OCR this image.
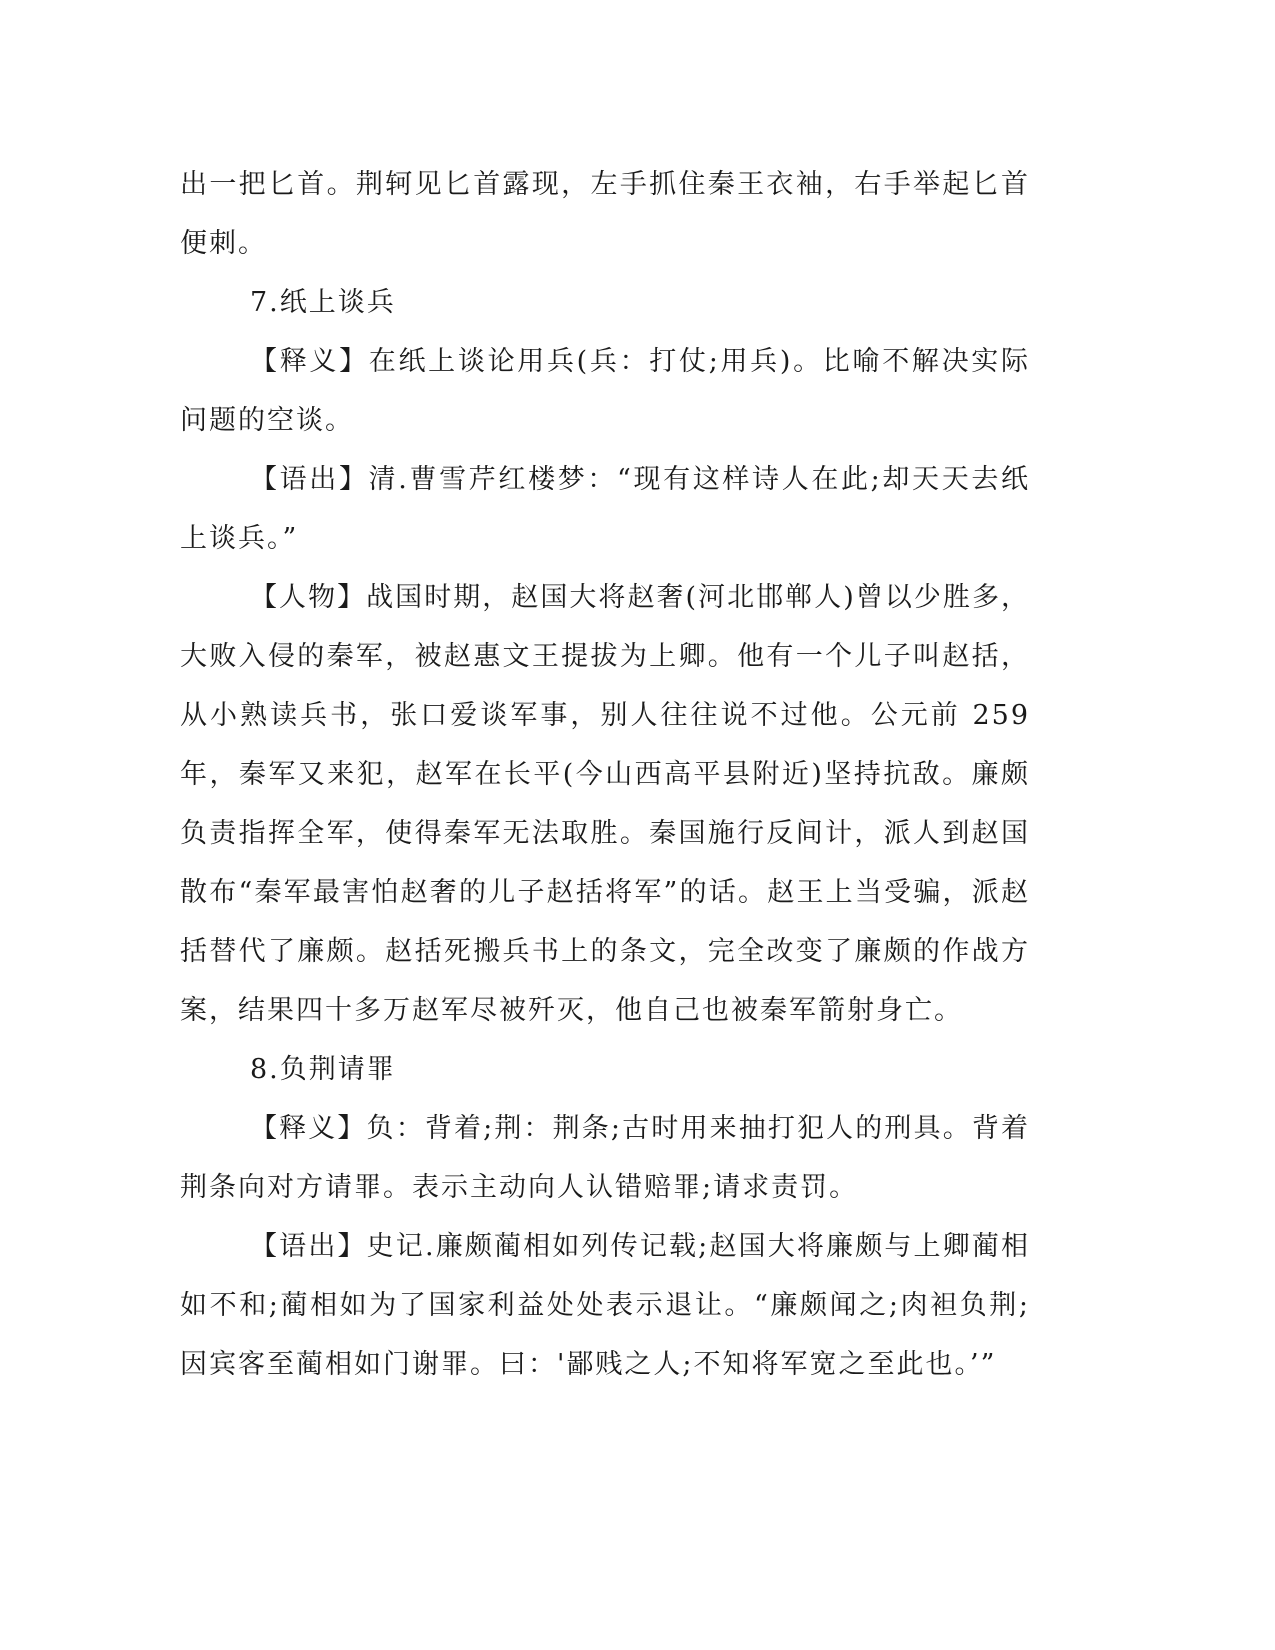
出一把匕首。荆轲见匕首露现，左手抓住秦王衣袖，右手举起匕首便刺。

7.纸上谈兵

【释义】在纸上谈论用兵(兵：打仗;用兵)。比喻不解决实际问题的空谈。

【语出】清.曹雪芹红楼梦：“现有这样诗人在此;却天天去纸上谈兵。”

【人物】战国时期，赵国大将赵奢(河北邯郸人)曾以少胜多，大败入侵的秦军，被赵惠文王提拔为上卿。他有一个儿子叫赵括，从小熟读兵书，张口爱谈军事，别人往往说不过他。公元前 259 年，秦军又来犯，赵军在长平(今山西高平县附近)坚持抗敌。廉颇负责指挥全军，使得秦军无法取胜。秦国施行反间计，派人到赵国散布“秦军最害怕赵奢的儿子赵括将军”的话。赵王上当受骗，派赵括替代了廉颇。赵括死搬兵书上的条文，完全改变了廉颇的作战方案，结果四十多万赵军尽被歼灭，他自己也被秦军箭射身亡。

8.负荆请罪

【释义】负：背着;荆：荆条;古时用来抽打犯人的刑具。背着荆条向对方请罪。表示主动向人认错赔罪;请求责罚。

【语出】史记.廉颇蔺相如列传记载;赵国大将廉颇与上卿蔺相如不和;蔺相如为了国家利益处处表示退让。“廉颇闻之;肉袒负荆;因宾客至蔺相如门谢罪。曰：'鄙贱之人;不知将军宽之至此也。’”
